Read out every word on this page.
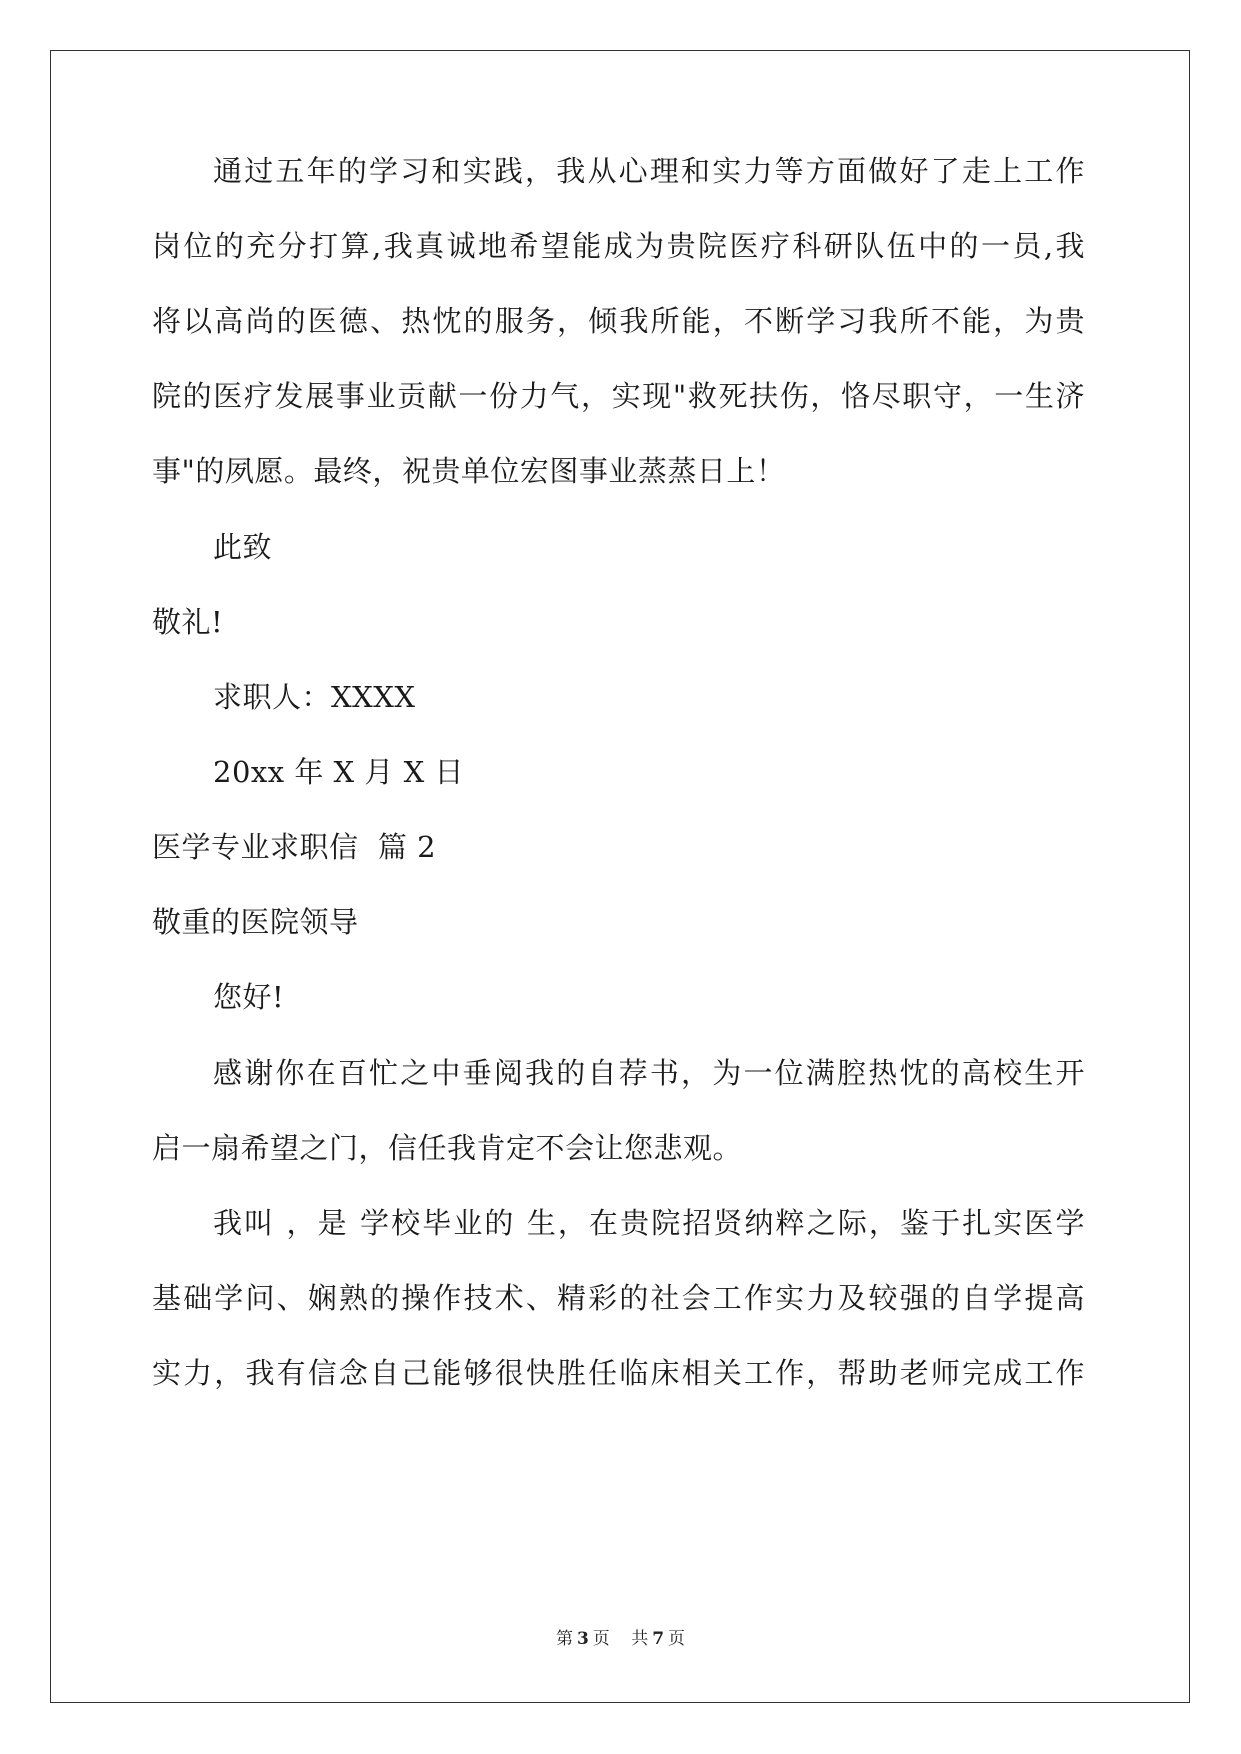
通过五年的学习和实践，我从心理和实力等方面做好了走上工作
岗位的充分打算,我真诚地希望能成为贵院医疗科研队伍中的一员,我
将以高尚的医德、热忱的服务，倾我所能，不断学习我所不能，为贵
院的医疗发展事业贡献一份力气，实现"救死扶伤，恪尽职守，一生济
事"的夙愿。最终，祝贵单位宏图事业蒸蒸日上！
此致
敬礼!
求职人：XXXX
20xx 年 X 月 X 日
医学专业求职信  篇 2
敬重的医院领导
您好!
感谢你在百忙之中垂阅我的自荐书，为一位满腔热忱的高校生开
启一扇希望之门，信任我肯定不会让您悲观。
我叫 ，是 学校毕业的 生，在贵院招贤纳粹之际，鉴于扎实医学
基础学问、娴熟的操作技术、精彩的社会工作实力及较强的自学提高
实力，我有信念自己能够很快胜任临床相关工作，帮助老师完成工作
第 3 页 共 7 页
